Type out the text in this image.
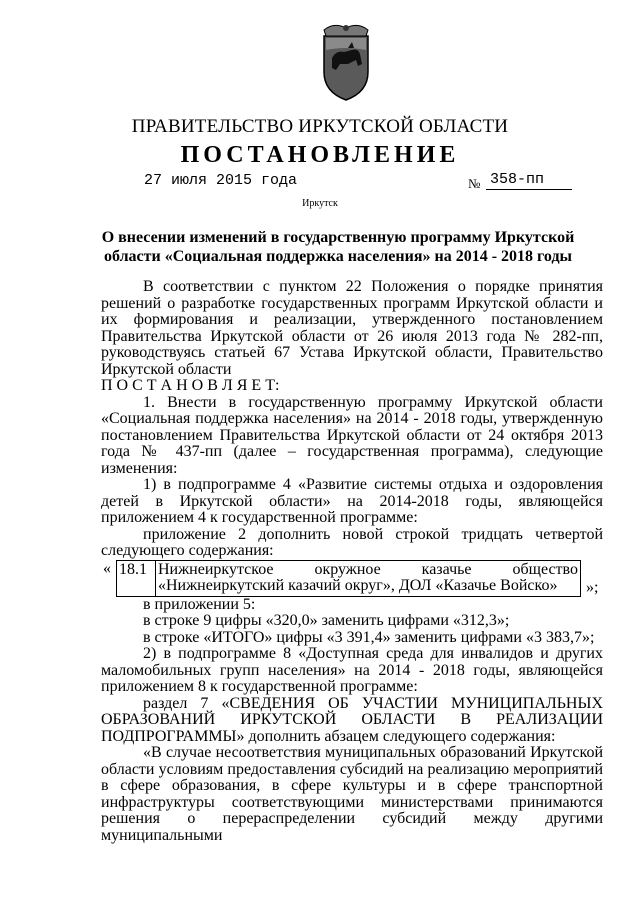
ПРАВИТЕЛЬСТВО ИРКУТСКОЙ ОБЛАСТИ
ПОСТАНОВЛЕНИЕ
27 июля 2015 года	№ 358-пп
Иркутск
О внесении изменений в государственную программу Иркутской области «Социальная поддержка населения» на 2014 - 2018 годы

В соответствии с пунктом 22 Положения о порядке принятия решений о разработке государственных программ Иркутской области и их формирования и реализации, утвержденного постановлением Правительства Иркутской области от 26 июля 2013 года № 282-пп, руководствуясь статьей 67 Устава Иркутской области, Правительство Иркутской области

П О С Т А Н О В Л Я Е Т:

1. Внести в государственную программу Иркутской области «Социальная поддержка населения» на 2014 - 2018 годы, утвержденную постановлением Правительства Иркутской области от 24 октября 2013 года № 437-пп (далее – государственная программа), следующие изменения:

1) в подпрограмме 4 «Развитие системы отдыха и оздоровления детей в Иркутской области» на 2014-2018 годы, являющейся приложением 4 к государственной программе:

приложение 2 дополнить новой строкой тридцать четвертой следующего содержания:

« 18.1	Нижнеиркутское окружное казачье общество «Нижнеиркутский казачий округ», ДОЛ «Казачье Войско» »;

в приложении 5:

в строке 9 цифры «320,0» заменить цифрами «312,3»;

в строке «ИТОГО» цифры «3 391,4» заменить цифрами «3 383,7»;

2) в подпрограмме 8 «Доступная среда для инвалидов и других маломобильных групп населения» на 2014 - 2018 годы, являющейся приложением 8 к государственной программе:

раздел 7 «СВЕДЕНИЯ ОБ УЧАСТИИ МУНИЦИПАЛЬНЫХ ОБРАЗОВАНИЙ ИРКУТСКОЙ ОБЛАСТИ В РЕАЛИЗАЦИИ ПОДПРОГРАММЫ» дополнить абзацем следующего содержания:

«В случае несоответствия муниципальных образований Иркутской области условиям предоставления субсидий на реализацию мероприятий в сфере образования, в сфере культуры и в сфере транспортной инфраструктуры соответствующими министерствами принимаются решения о перераспределении субсидий между другими муниципальными
